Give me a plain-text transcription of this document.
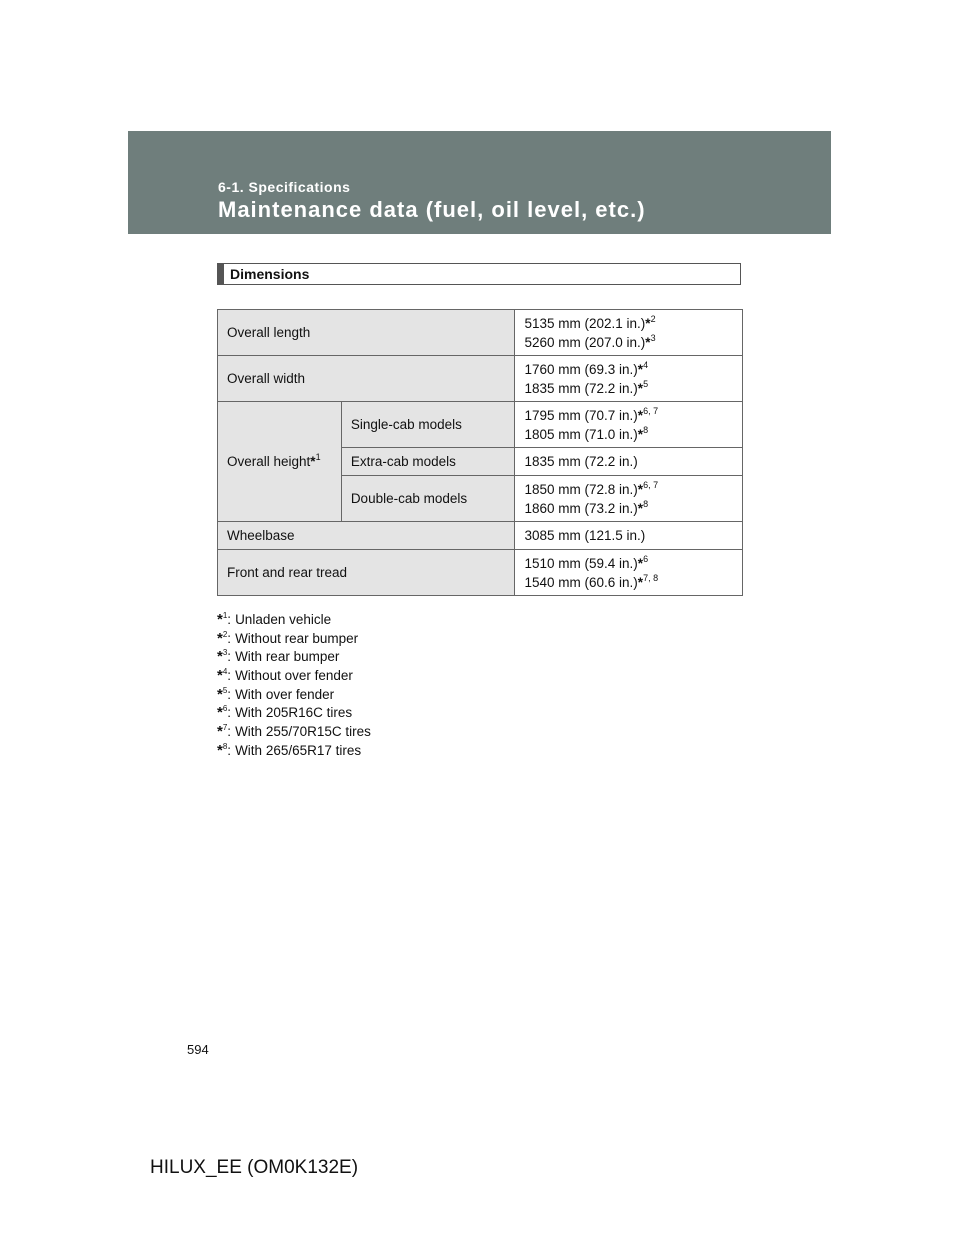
6-1. Specifications
Maintenance data (fuel, oil level, etc.)
Dimensions
Overall length		5135 mm (202.1 in.)*$^2$
5260 mm (207.0 in.)*$^3$
Overall width		1760 mm (69.3 in.)*$^4$
1835 mm (72.2 in.)*$^5$
Overall height*$^1$	Single-cab models	1795 mm (70.7 in.)*$^{6, 7}$
1805 mm (71.0 in.)*$^8$
	Extra-cab models	1835 mm (72.2 in.)
	Double-cab models	1850 mm (72.8 in.)*$^{6, 7}$
1860 mm (73.2 in.)*$^8$
Wheelbase		3085 mm (121.5 in.)
Front and rear tread		1510 mm (59.4 in.)*$^6$
1540 mm (60.6 in.)*$^{7, 8}$
*$^1$: Unladen vehicle
*$^2$: Without rear bumper
*$^3$: With rear bumper
*$^4$: Without over fender
*$^5$: With over fender
*$^6$: With 205R16C tires
*$^7$: With 255/70R15C tires
*$^8$: With 265/65R17 tires
594
HILUX_EE (OM0K132E)
